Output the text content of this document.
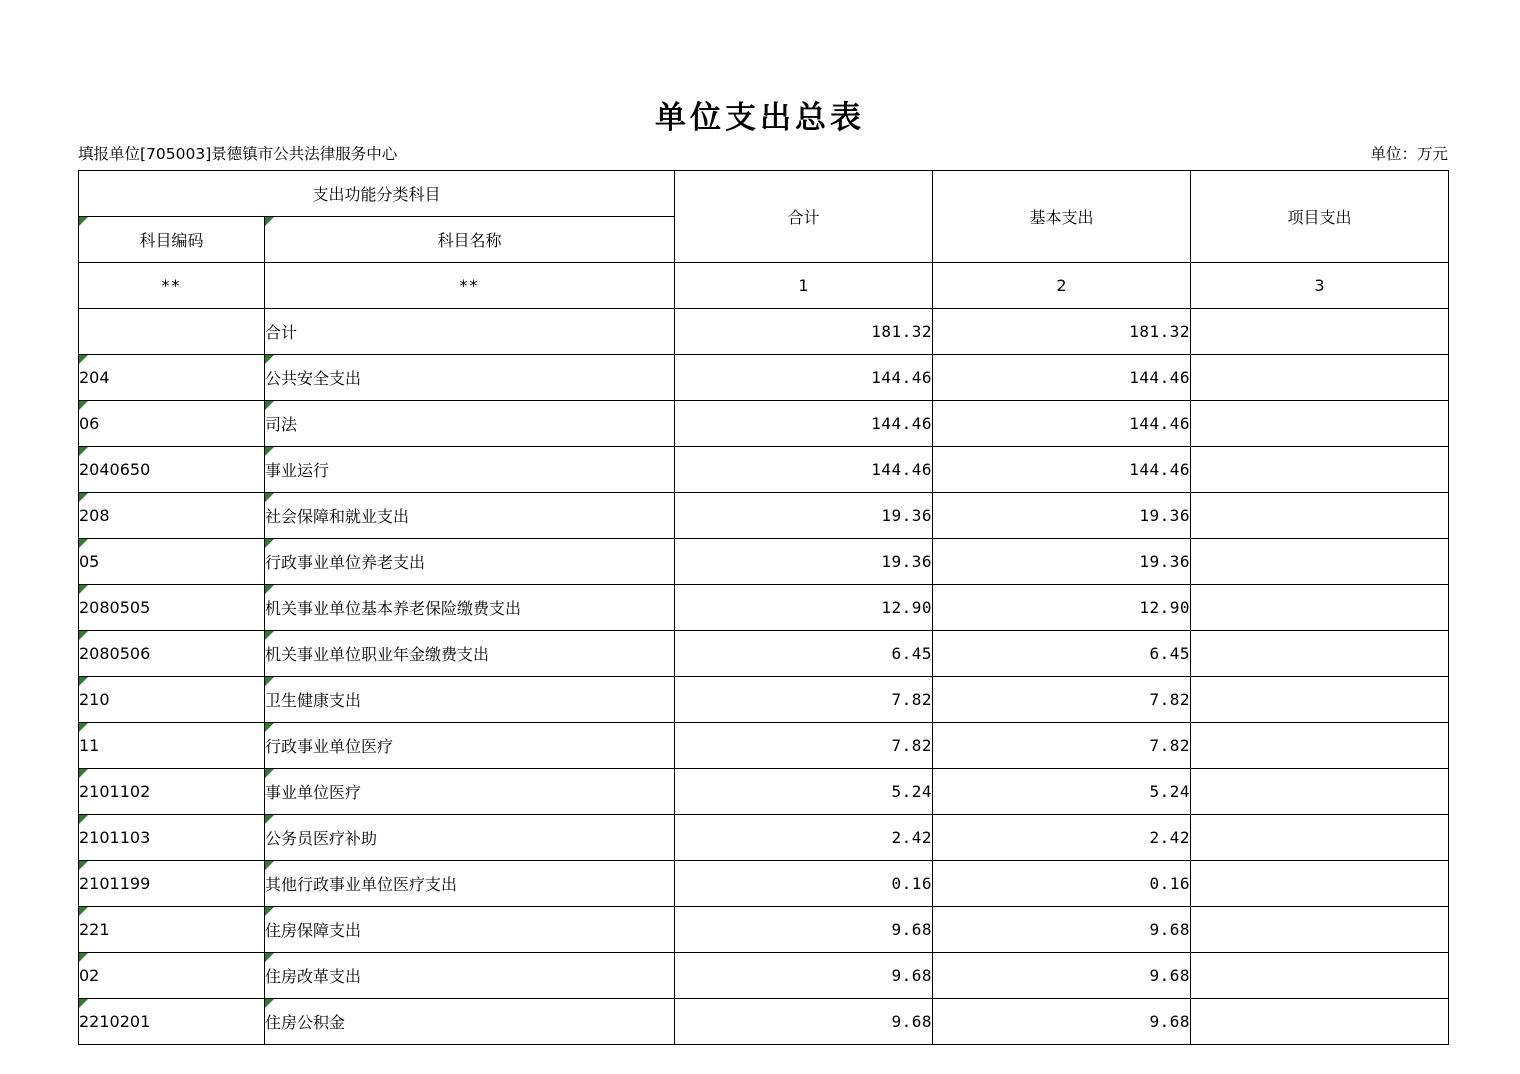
单位支出总表
填报单位[705003]景德镇市公共法律服务中心	单位：万元
支出功能分类科目		合计	基本支出	项目支出
科目编码	科目名称			
**	**	1	2	3
	合计	181.32	181.32	
204	公共安全支出	144.46	144.46	
06	司法	144.46	144.46	
2040650	事业运行	144.46	144.46	
208	社会保障和就业支出	19.36	19.36	
05	行政事业单位养老支出	19.36	19.36	
2080505	机关事业单位基本养老保险缴费支出	12.90	12.90	
2080506	机关事业单位职业年金缴费支出	6.45	6.45	
210	卫生健康支出	7.82	7.82	
11	行政事业单位医疗	7.82	7.82	
2101102	事业单位医疗	5.24	5.24	
2101103	公务员医疗补助	2.42	2.42	
2101199	其他行政事业单位医疗支出	0.16	0.16	
221	住房保障支出	9.68	9.68	
02	住房改革支出	9.68	9.68	
2210201	住房公积金	9.68	9.68	
